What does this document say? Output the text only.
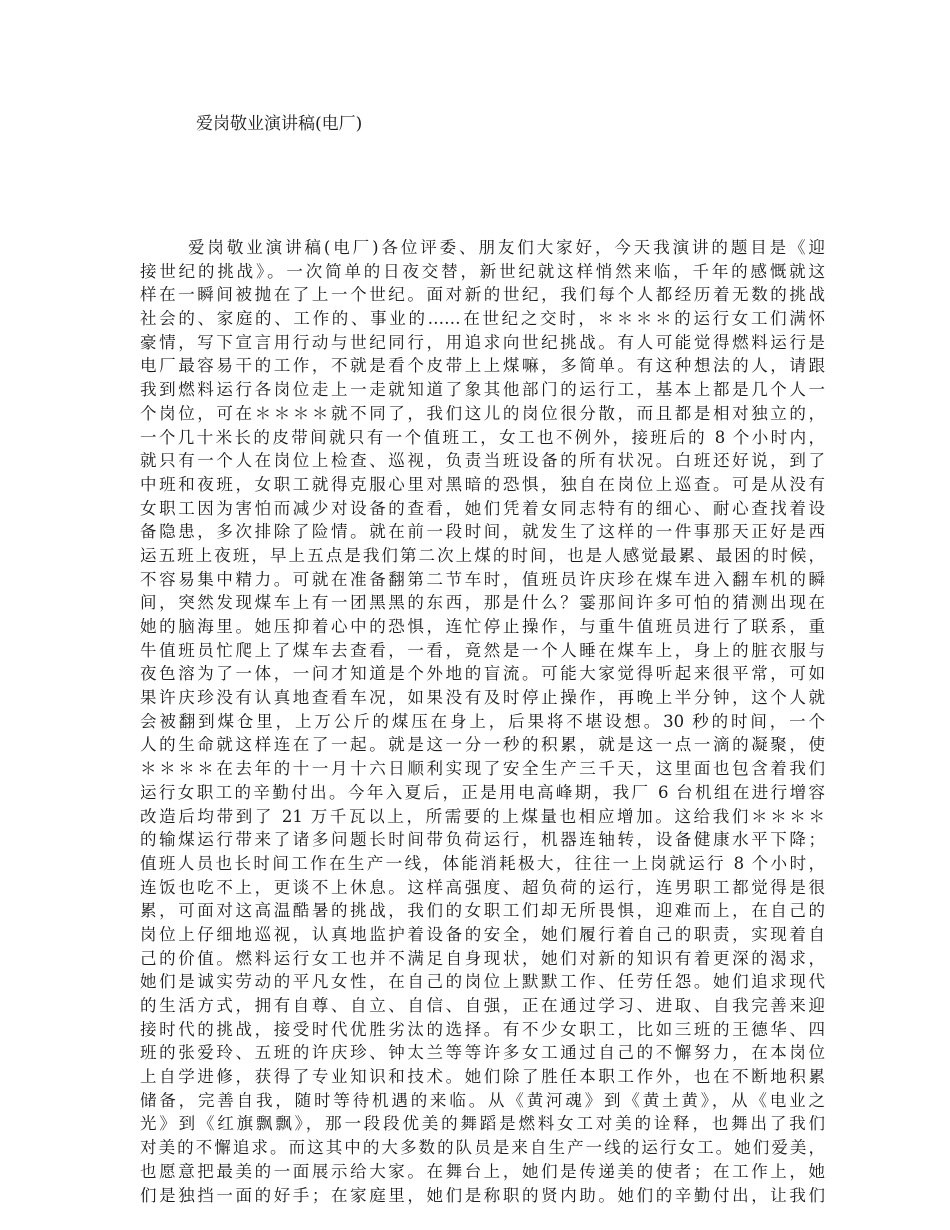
爱岗敬业演讲稿(电厂)
爱岗敬业演讲稿(电厂)各位评委、朋友们大家好，今天我演讲的题目是《迎
接世纪的挑战》。一次简单的日夜交替，新世纪就这样悄然来临，千年的感慨就这
样在一瞬间被抛在了上一个世纪。面对新的世纪，我们每个人都经历着无数的挑战
社会的、家庭的、工作的、事业的……在世纪之交时，＊＊＊＊的运行女工们满怀
豪情，写下宣言用行动与世纪同行，用追求向世纪挑战。有人可能觉得燃料运行是
电厂最容易干的工作，不就是看个皮带上上煤嘛，多简单。有这种想法的人，请跟
我到燃料运行各岗位走上一走就知道了象其他部门的运行工，基本上都是几个人一
个岗位，可在＊＊＊＊就不同了，我们这儿的岗位很分散，而且都是相对独立的，
一个几十米长的皮带间就只有一个值班工，女工也不例外，接班后的 8 个小时内，
就只有一个人在岗位上检查、巡视，负责当班设备的所有状况。白班还好说，到了
中班和夜班，女职工就得克服心里对黑暗的恐惧，独自在岗位上巡查。可是从没有
女职工因为害怕而减少对设备的查看，她们凭着女同志特有的细心、耐心查找着设
备隐患，多次排除了险情。就在前一段时间，就发生了这样的一件事那天正好是西
运五班上夜班，早上五点是我们第二次上煤的时间，也是人感觉最累、最困的时候，
不容易集中精力。可就在准备翻第二节车时，值班员许庆珍在煤车进入翻车机的瞬
间，突然发现煤车上有一团黑黑的东西，那是什么？霎那间许多可怕的猜测出现在
她的脑海里。她压抑着心中的恐惧，连忙停止操作，与重牛值班员进行了联系，重
牛值班员忙爬上了煤车去查看，一看，竟然是一个人睡在煤车上，身上的脏衣服与
夜色溶为了一体，一问才知道是个外地的盲流。可能大家觉得听起来很平常，可如
果许庆珍没有认真地查看车况，如果没有及时停止操作，再晚上半分钟，这个人就
会被翻到煤仓里，上万公斤的煤压在身上，后果将不堪设想。30 秒的时间，一个
人的生命就这样连在了一起。就是这一分一秒的积累，就是这一点一滴的凝聚，使
＊＊＊＊在去年的十一月十六日顺利实现了安全生产三千天，这里面也包含着我们
运行女职工的辛勤付出。今年入夏后，正是用电高峰期，我厂 6 台机组在进行增容
改造后均带到了 21 万千瓦以上，所需要的上煤量也相应增加。这给我们＊＊＊＊
的输煤运行带来了诸多问题长时间带负荷运行，机器连轴转，设备健康水平下降；
值班人员也长时间工作在生产一线，体能消耗极大，往往一上岗就运行 8 个小时，
连饭也吃不上，更谈不上休息。这样高强度、超负荷的运行，连男职工都觉得是很
累，可面对这高温酷暑的挑战，我们的女职工们却无所畏惧，迎难而上，在自己的
岗位上仔细地巡视，认真地监护着设备的安全，她们履行着自己的职责，实现着自
己的价值。燃料运行女工也并不满足自身现状，她们对新的知识有着更深的渴求，
她们是诚实劳动的平凡女性，在自己的岗位上默默工作、任劳任怨。她们追求现代
的生活方式，拥有自尊、自立、自信、自强，正在通过学习、进取、自我完善来迎
接时代的挑战，接受时代优胜劣汰的选择。有不少女职工，比如三班的王德华、四
班的张爱玲、五班的许庆珍、钟太兰等等许多女工通过自己的不懈努力，在本岗位
上自学进修，获得了专业知识和技术。她们除了胜任本职工作外，也在不断地积累
储备，完善自我，随时等待机遇的来临。从《黄河魂》到《黄土黄》，从《电业之
光》到《红旗飘飘》，那一段段优美的舞蹈是燃料女工对美的诠释，也舞出了我们
对美的不懈追求。而这其中的大多数的队员是来自生产一线的运行女工。她们爱美，
也愿意把最美的一面展示给大家。在舞台上，她们是传递美的使者；在工作上，她
们是独挡一面的好手；在家庭里，她们是称职的贤内助。她们的辛勤付出，让我们
